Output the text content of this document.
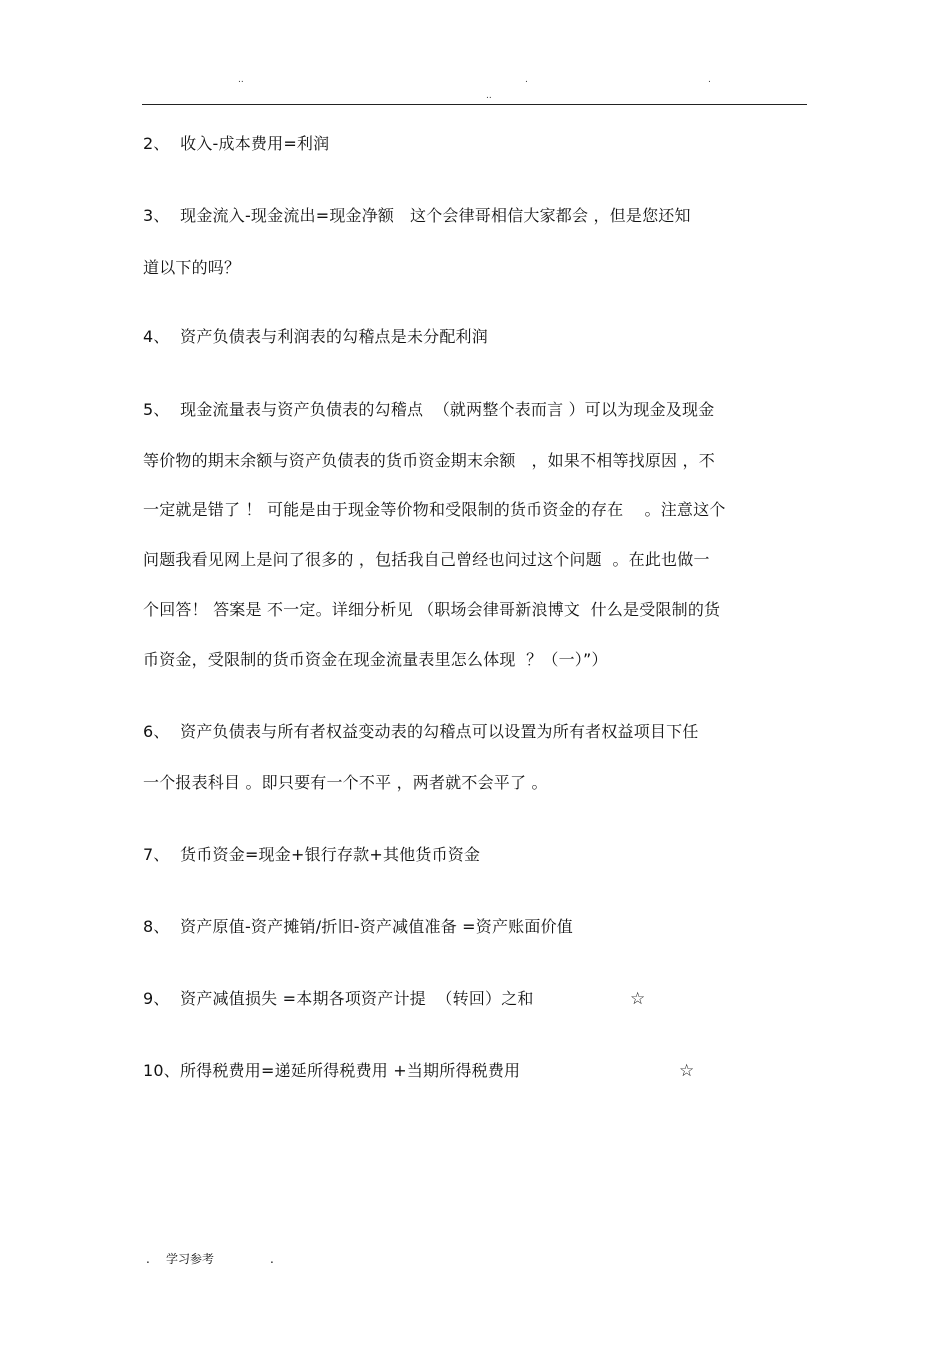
..	.	.
..
2、  收入-成本费用=利润
3、  现金流入-现金流出=现金净额   这个会律哥相信大家都会 ，但是您还知
道以下的吗？
4、  资产负债表与利润表的勾稽点是未分配利润
5、  现金流量表与资产负债表的勾稽点  （就两整个表而言 ）可以为现金及现金
等价物的期末余额与资产负债表的货币资金期末余额   ，如果不相等找原因 ，不
一定就是错了 ！ 可能是由于现金等价物和受限制的货币资金的存在    。注意这个
问题我看见网上是问了很多的 ，包括我自己曾经也问过这个问题  。在此也做一
个回答！ 答案是 不一定。详细分析见 （职场会律哥新浪博文  什么是受限制的货
币资金，受限制的货币资金在现金流量表里怎么体现  ？（一）”）
6、  资产负债表与所有者权益变动表的勾稽点可以设置为所有者权益项目下任
一个报表科目 。即只要有一个不平 ，两者就不会平了 。
7、  货币资金=现金+银行存款+其他货币资金
8、  资产原值-资产摊销/折旧-资产减值准备 =资产账面价值
9、  资产减值损失 =本期各项资产计提  （转回）之和	☆
10、所得税费用=递延所得税费用 +当期所得税费用	☆
. 学习参考	.
